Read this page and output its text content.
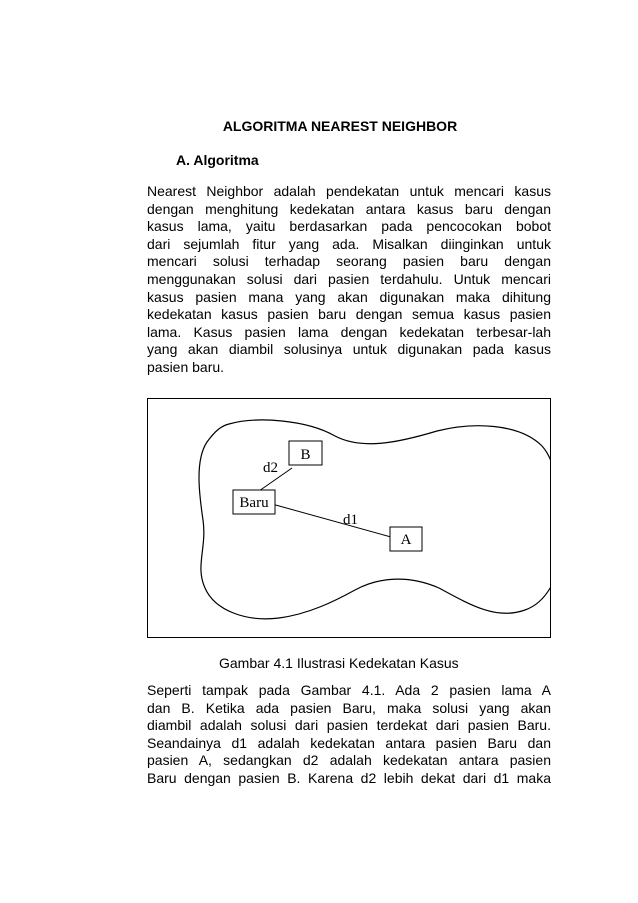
ALGORITMA NEAREST NEIGHBOR
A. Algoritma
Nearest Neighbor adalah pendekatan untuk mencari kasus
dengan menghitung kedekatan antara kasus baru dengan
kasus lama, yaitu berdasarkan pada pencocokan bobot
dari sejumlah fitur yang ada. Misalkan diinginkan untuk
mencari solusi terhadap seorang pasien baru dengan
menggunakan solusi dari pasien terdahulu. Untuk mencari
kasus pasien mana yang akan digunakan maka dihitung
kedekatan kasus pasien baru dengan semua kasus pasien
lama. Kasus pasien lama dengan kedekatan terbesar-lah
yang akan diambil solusinya untuk digunakan pada kasus
pasien baru.
B
Baru
A
d2
d1
Gambar 4.1 Ilustrasi Kedekatan Kasus
Seperti tampak pada Gambar 4.1. Ada 2 pasien lama A
dan B. Ketika ada pasien Baru, maka solusi yang akan
diambil adalah solusi dari pasien terdekat dari pasien Baru.
Seandainya d1 adalah kedekatan antara pasien Baru dan
pasien A, sedangkan d2 adalah kedekatan antara pasien
Baru dengan pasien B. Karena d2 lebih dekat dari d1 maka
